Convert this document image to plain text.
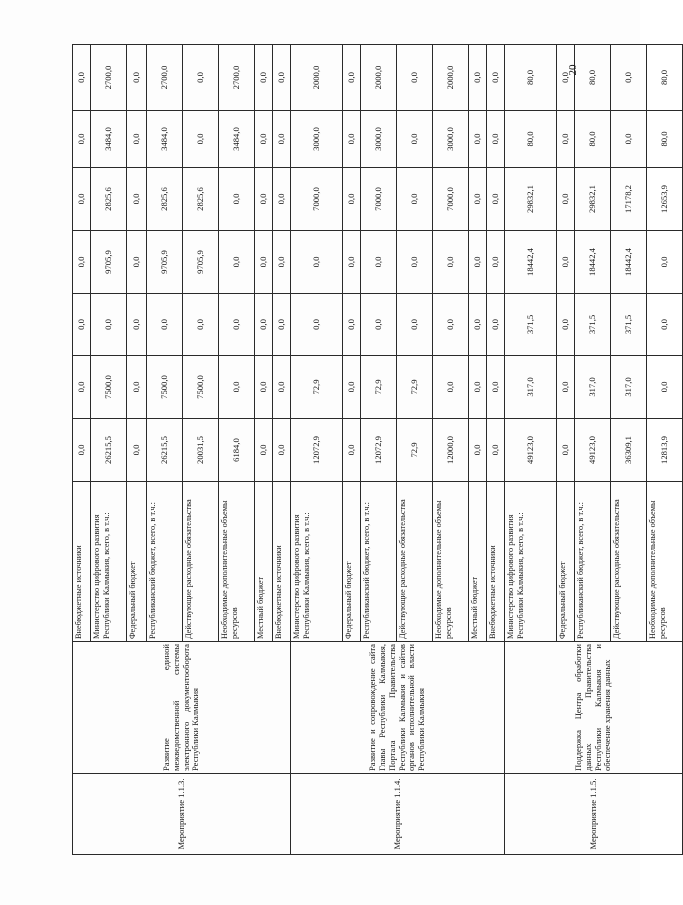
Мероприятие 1.1.3.	Развитие единой межведомственной системы электронного документооборота Республики Калмыкия	Внебюджетные источники	0,0	0,0	0,0	0,0	0,0	0,0	0,0
		Министерство цифрового развития Республики Калмыкия, всего, в т.ч.:	26215,5	7500,0	0,0	9705,9	2825,6	3484,0	2700,0
		Федеральный бюджет	0,0	0,0	0,0	0,0	0,0	0,0	0,0
		Республиканский бюджет, всего, в т.ч.:	26215,5	7500,0	0,0	9705,9	2825,6	3484,0	2700,0
		Действующие расходные обязательства	20031,5	7500,0	0,0	9705,9	2825,6	0,0	0,0
		Необходимые дополнительные объемы ресурсов	6184,0	0,0	0,0	0,0	0,0	3484,0	2700,0
		Местный бюджет	0,0	0,0	0,0	0,0	0,0	0,0	0,0
		Внебюджетные источники	0,0	0,0	0,0	0,0	0,0	0,0	0,0
Мероприятие 1.1.4.	Развитие и сопровождение сайта Главы Республики Калмыкия, Портала Правительства Республики Калмыкия и сайтов органов исполнительной власти Республики Калмыкия	Министерство цифрового развития Республики Калмыкия, всего, в т.ч.:	12072,9	72,9	0,0	0,0	7000,0	3000,0	2000,0
		Федеральный бюджет	0,0	0,0	0,0	0,0	0,0	0,0	0,0
		Республиканский бюджет, всего, в т.ч.:	12072,9	72,9	0,0	0,0	7000,0	3000,0	2000,0
		Действующие расходные обязательства	72,9	72,9	0,0	0,0	0,0	0,0	0,0
		Необходимые дополнительные объемы ресурсов	12000,0	0,0	0,0	0,0	7000,0	3000,0	2000,0
		Местный бюджет	0,0	0,0	0,0	0,0	0,0	0,0	0,0
		Внебюджетные источники	0,0	0,0	0,0	0,0	0,0	0,0	0,0
Мероприятие 1.1.5.	Поддержка Центра обработки данных Правительства Республики Калмыкия и обеспечение хранения данных	Министерство цифрового развития Республики Калмыкия, всего, в т.ч.:	49123,0	317,0	371,5	18442,4	29832,1	80,0	80,0
		Федеральный бюджет	0,0	0,0	0,0	0,0	0,0	0,0	0,0
		Республиканский бюджет, всего, в т.ч.:	49123,0	317,0	371,5	18442,4	29832,1	80,0	80,0
		Действующие расходные обязательства	36309,1	317,0	371,5	18442,4	17178,2	0,0	0,0
		Необходимые дополнительные объемы ресурсов	12813,9	0,0	0,0	0,0	12653,9	80,0	80,0
20
